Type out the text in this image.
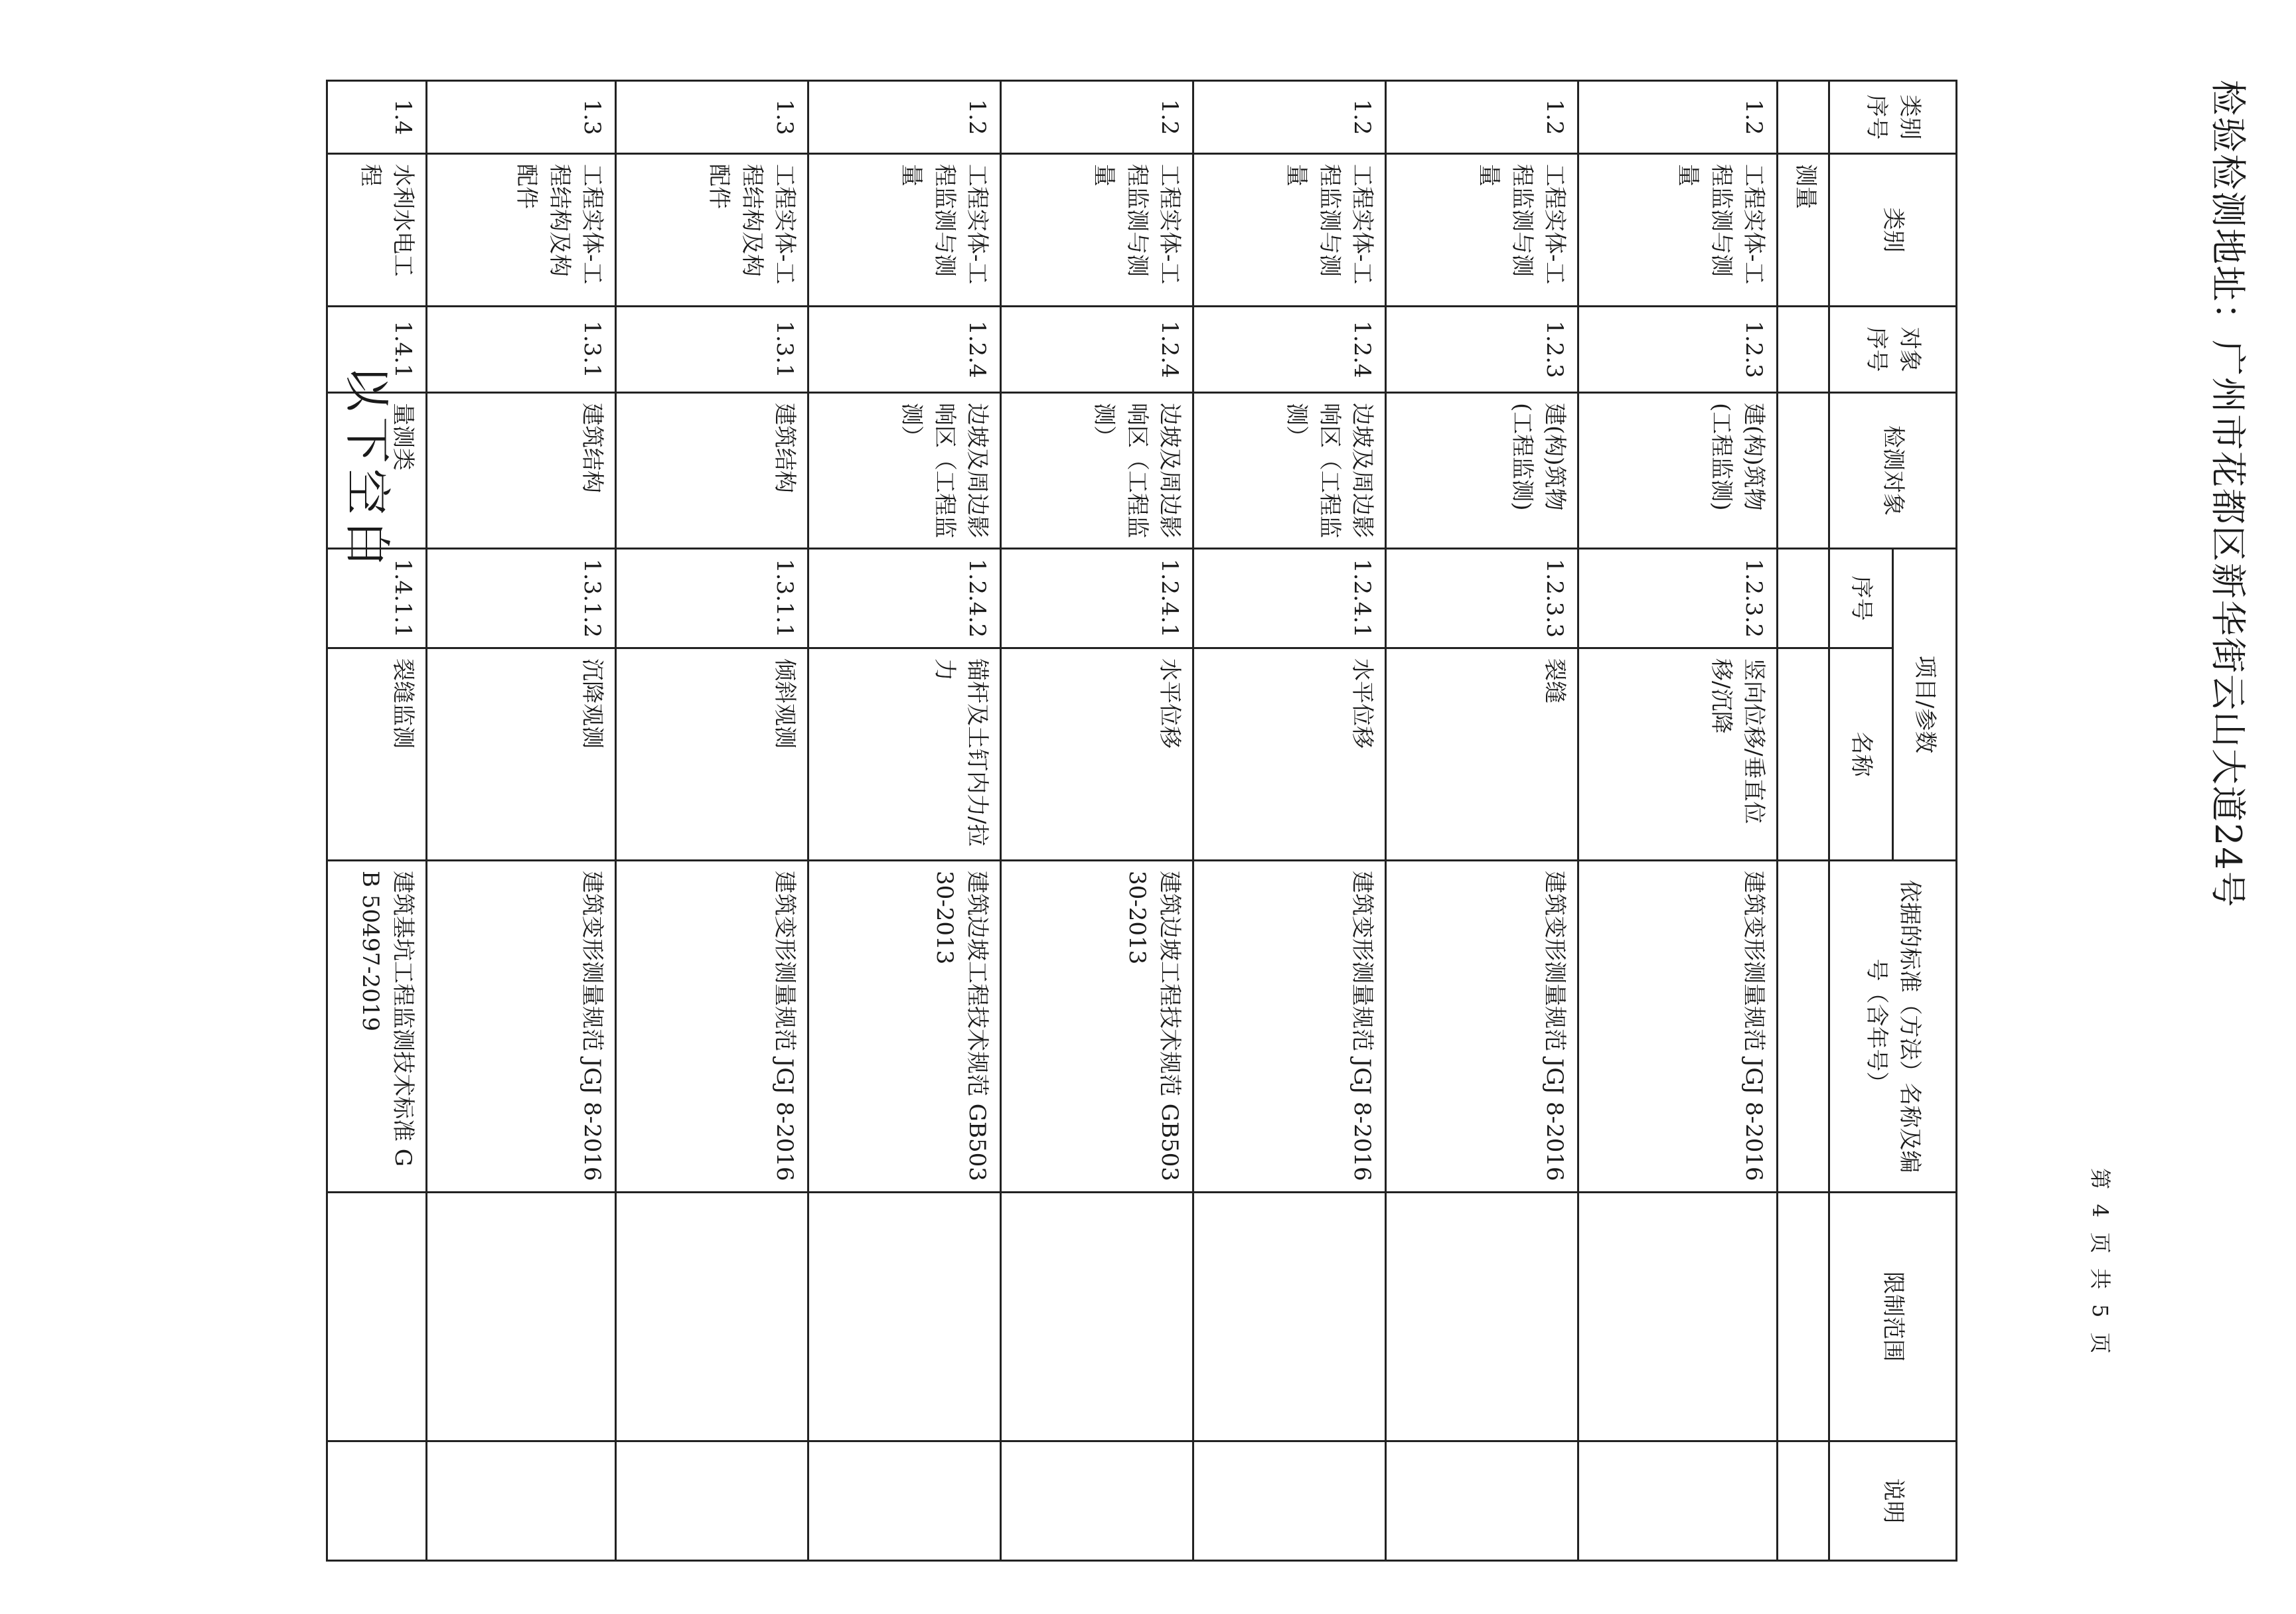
检验检测地址：广州市花都区新华街云山大道24号
第 4 页 共 5 页
类别序号	类别	对象序号	检测对象	项目/参数		依据的标准（方法）名称及编号（含年号）	限制范围	说明
				序号	名称			
	测量							
1.2	工程实体-工程监测与测量	1.2.3	建(构)筑物(工程监测)	1.2.3.2	竖向位移/垂直位移/沉降	建筑变形测量规范 JGJ 8-2016		
1.2	工程实体-工程监测与测量	1.2.3	建(构)筑物(工程监测)	1.2.3.3	裂缝	建筑变形测量规范 JGJ 8-2016		
1.2	工程实体-工程监测与测量	1.2.4	边坡及周边影响区（工程监测）	1.2.4.1	水平位移	建筑变形测量规范 JGJ 8-2016		
1.2	工程实体-工程监测与测量	1.2.4	边坡及周边影响区（工程监测）	1.2.4.1	水平位移	建筑边坡工程技术规范 GB50330-2013		
1.2	工程实体-工程监测与测量	1.2.4	边坡及周边影响区（工程监测）	1.2.4.2	锚杆及土钉内力/拉力	建筑边坡工程技术规范 GB50330-2013		
1.3	工程实体-工程结构及构配件	1.3.1	建筑结构	1.3.1.1	倾斜观测	建筑变形测量规范 JGJ 8-2016		
1.3	工程实体-工程结构及构配件	1.3.1	建筑结构	1.3.1.2	沉降观测	建筑变形测量规范 JGJ 8-2016		
1.4	水利水电工程	1.4.1	量测类	1.4.1.1	裂缝监测	建筑基坑工程监测技术标准 GB 50497-2019		
以下空白
